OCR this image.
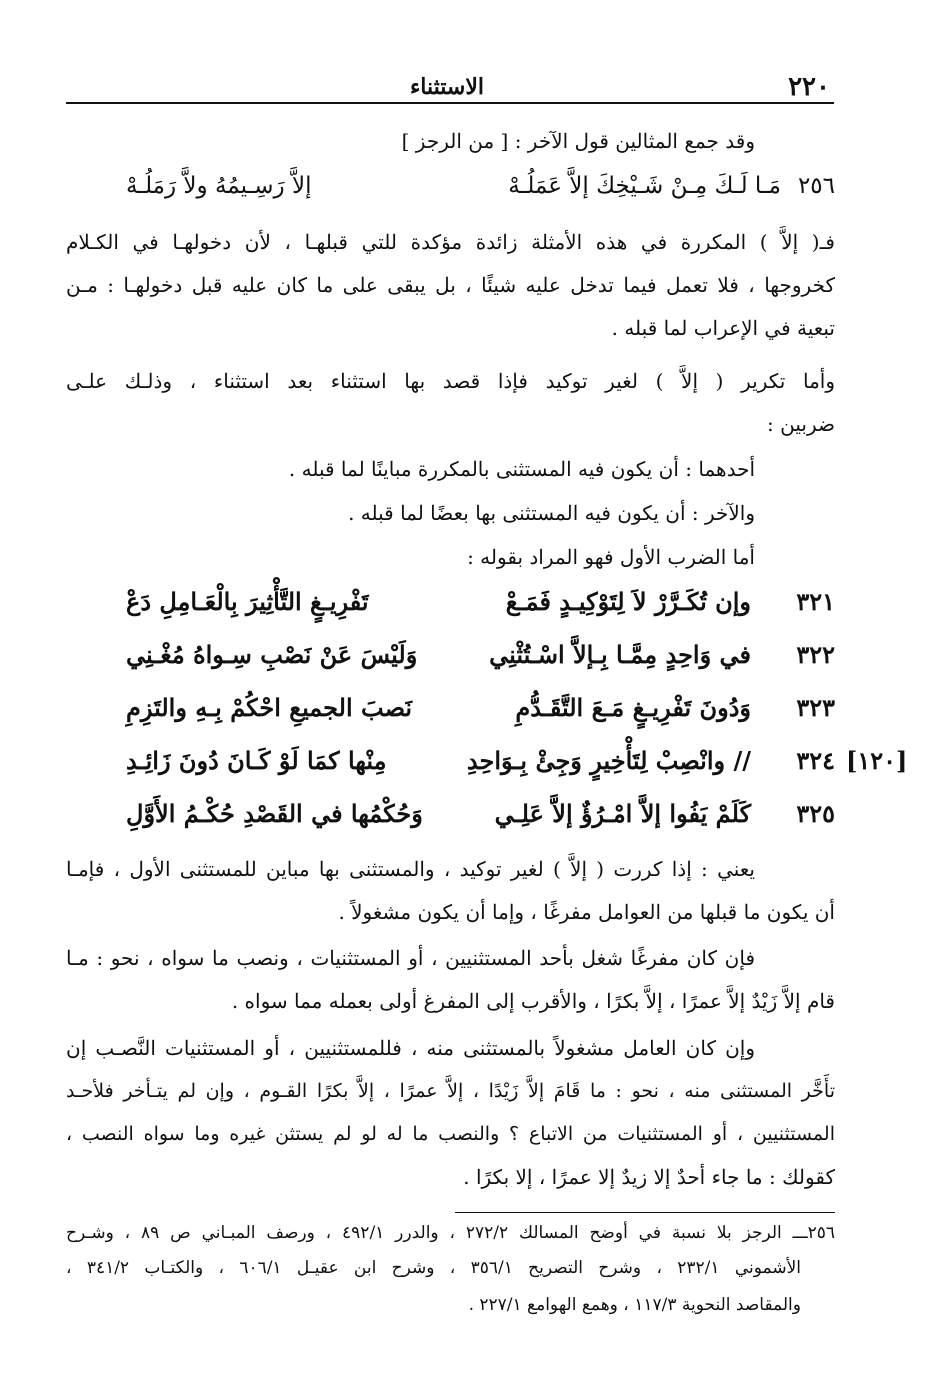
٢٢٠
الاستثناء
وقد جمع المثالين قول الآخر : [ من الرجز ]
٢٥٦
مَـا لَـكَ مِـنْ شَـيْخِكَ إلاَّ عَمَلُـهْ
إلاَّ رَسِـيمُهُ ولاَّ رَمَلُـهْ
فـ( إلاَّ ) المكررة في هذه الأمثلة زائدة مؤكدة للتي قبلهـا ، لأن دخولهـا في الكـلام
كخروجها ، فلا تعمل فيما تدخل عليه شيئًا ، بل يبقى على ما كان عليه قبل دخولهـا : مـن
تبعية في الإعراب لما قبله .
وأما تكرير ( إلاَّ ) لغير توكيد فإذا قصد بها استثناء بعد استثناء ، وذلـك علـى
ضربين :
أحدهما : أن يكون فيه المستثنى بالمكررة مباينًا لما قبله .
والآخر : أن يكون فيه المستثنى بها بعضًا لما قبله .
أما الضرب الأول فهو المراد بقوله :
٣٢١
وإن تُكَـرَّرْ لاَ لِتَوْكِيـدٍ فَمَـعْ
تَفْرِيـغٍ التَّأْثِيرَ بِالْعَـامِلِ دَعْ
٣٢٢
في وَاحِدٍ مِمَّـا بِـإلاَّ اسْـتُثْنِي
وَلَيْسَ عَنْ نَصْبِ سِـواهُ مُغْـنِي
٣٢٣
وَدُونَ تَفْرِيـغٍ مَـعَ التَّقَـدُّمِ
نَصبَ الجميعِ احْكُمْ بِـهِ والتَزِمِ
٣٢٤
// وانْصِبْ لِتَأْخِيرٍ وَجِئْ بِـوَاحِدِ
مِنْها كمَا لَوْ كَـانَ دُونَ زَائِـدِ	[١٢٠]
٣٢٥
كَلَمْ يَفُوا إلاَّ امْـرُؤٌ إلاَّ عَلِـي
وَحُكْمُها في القَصْدِ حُكْـمُ الأَوَّلِ
يعني : إذا كررت ( إلاَّ ) لغير توكيد ، والمستثنى بها مباين للمستثنى الأول ، فإمـا
أن يكون ما قبلها من العوامل مفرغًا ، وإما أن يكون مشغولاً .
فإن كان مفرغًا شغل بأحد المستثنيين ، أو المستثنيات ، ونصب ما سواه ، نحو : مـا
قام إلاَّ زَيْدٌ إلاَّ عمرًا ، إلاَّ بكرًا ، والأقرب إلى المفرغ أولى بعمله مما سواه .
وإن كان العامل مشغولاً بالمستثنى منه ، فللمستثنيين ، أو المستثنيات النَّصـب إن
تأَخَّر المستثنى منه ، نحو : ما قَامَ إلاَّ زَيْدًا ، إلاَّ عمرًا ، إلاَّ بكرًا القـوم ، وإن لم يتـأخر فلأحـد
المستثنيين ، أو المستثنيات من الاتباع ؟ والنصب ما له لو لم يستثن غيره وما سواه النصب ،
كقولك : ما جاء أحدٌ إلا زيدٌ إلا عمرًا ، إلا بكرًا .
٢٥٦ـــ الرجز بلا نسبة في أوضح المسالك ٢٧٢/٢ ، والدرر ٤٩٢/١ ، ورصف المبـاني ص ٨٩ ، وشـرح
الأشموني ٢٣٢/١ ، وشرح التصريح ٣٥٦/١ ، وشرح ابن عقيـل ٦٠٦/١ ، والكتـاب ٣٤١/٢ ،
والمقاصد النحوية ١١٧/٣ ، وهمع الهوامع ٢٢٧/١ .
